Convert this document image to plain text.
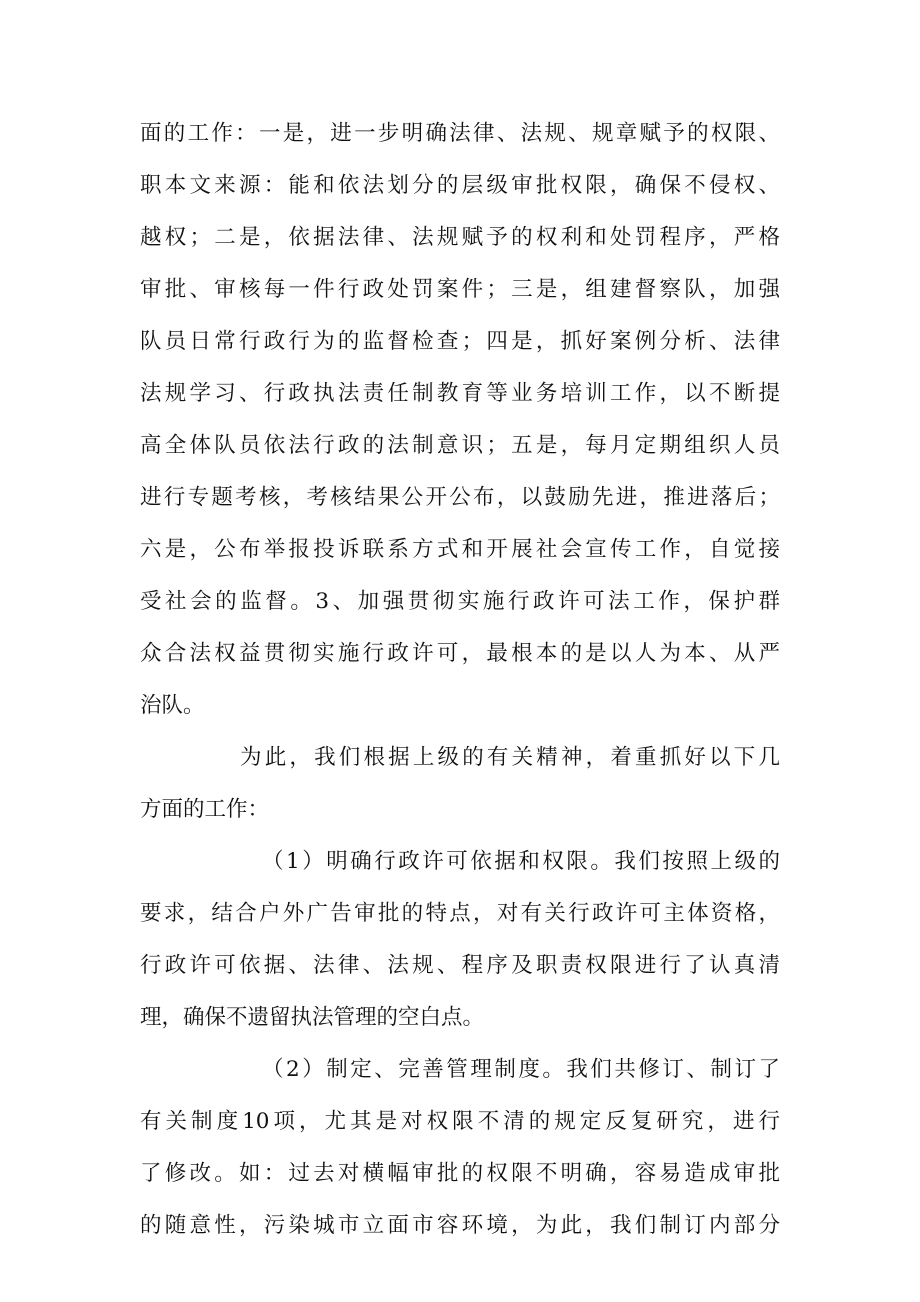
面的工作：一是，进一步明确法律、法规、规章赋予的权限、
职本文来源：能和依法划分的层级审批权限，确保不侵权、
越权；二是，依据法律、法规赋予的权利和处罚程序，严格
审批、审核每一件行政处罚案件；三是，组建督察队，加强
队员日常行政行为的监督检查；四是，抓好案例分析、法律
法规学习、行政执法责任制教育等业务培训工作，以不断提
高全体队员依法行政的法制意识；五是，每月定期组织人员
进行专题考核，考核结果公开公布，以鼓励先进，推进落后；
六是，公布举报投诉联系方式和开展社会宣传工作，自觉接
受社会的监督。3、加强贯彻实施行政许可法工作，保护群
众合法权益贯彻实施行政许可，最根本的是以人为本、从严
治队。
为此，我们根据上级的有关精神，着重抓好以下几
方面的工作：
（1）明确行政许可依据和权限。我们按照上级的
要求，结合户外广告审批的特点，对有关行政许可主体资格，
行政许可依据、法律、法规、程序及职责权限进行了认真清
理，确保不遗留执法管理的空白点。
（2）制定、完善管理制度。我们共修订、制订了
有关制度10项，尤其是对权限不清的规定反复研究，进行
了修改。如：过去对横幅审批的权限不明确，容易造成审批
的随意性，污染城市立面市容环境，为此，我们制订内部分
